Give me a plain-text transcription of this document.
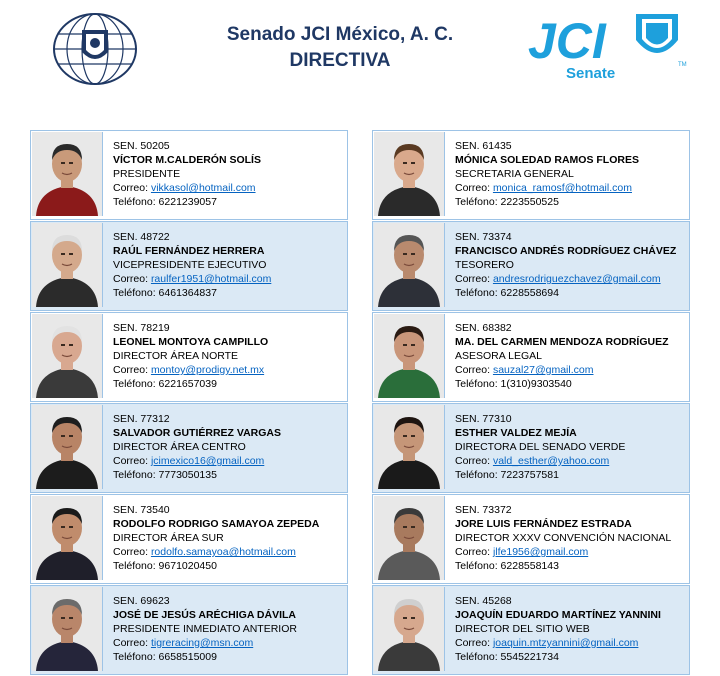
Senado JCI México, A. C.
DIRECTIVA	JCI
Senate	TM
SEN. 50205
VÍCTOR M.CALDERÓN SOLÍS
PRESIDENTE
Correo: vikkasol@hotmail.com
Teléfono: 6221239057
SEN. 48722
RAÚL FERNÁNDEZ HERRERA
VICEPRESIDENTE EJECUTIVO
Correo: raulfer1951@hotmail.com
Teléfono: 6461364837
SEN. 78219
LEONEL MONTOYA CAMPILLO
DIRECTOR ÁREA NORTE
Correo: montoy@prodigy.net.mx
Teléfono: 6221657039
SEN. 77312
SALVADOR GUTIÉRREZ VARGAS
DIRECTOR ÁREA CENTRO
Correo: jcimexico16@gmail.com
Teléfono: 7773050135
SEN. 73540
RODOLFO RODRIGO SAMAYOA ZEPEDA
DIRECTOR ÁREA SUR
Correo: rodolfo.samayoa@hotmail.com
Teléfono: 9671020450
SEN. 69623
JOSÉ DE JESÚS ARÉCHIGA DÁVILA
PRESIDENTE INMEDIATO ANTERIOR
Correo: tigreracing@msn.com
Teléfono: 6658515009
SEN. 61435
MÓNICA SOLEDAD RAMOS FLORES
SECRETARIA GENERAL
Correo: monica_ramosf@hotmail.com
Teléfono: 2223550525
SEN. 73374
FRANCISCO ANDRÉS RODRÍGUEZ CHÁVEZ
TESORERO
Correo: andresrodriguezchavez@gmail.com
Teléfono: 6228558694
SEN. 68382
MA. DEL CARMEN MENDOZA RODRÍGUEZ
ASESORA LEGAL
Correo: sauzal27@gmail.com
Teléfono: 1(310)9303540
SEN. 77310
ESTHER VALDEZ MEJÍA
DIRECTORA DEL SENADO VERDE
Correo: vald_esther@yahoo.com
Teléfono: 7223757581
SEN. 73372
JORE LUIS FERNÁNDEZ ESTRADA
DIRECTOR XXXV CONVENCIÓN NACIONAL
Correo: jlfe1956@gmail.com
Teléfono: 6228558143
SEN. 45268
JOAQUÍN EDUARDO MARTÍNEZ YANNINI
DIRECTOR DEL SITIO WEB
Correo: joaquin.mtzyannini@gmail.com
Teléfono: 5545221734
